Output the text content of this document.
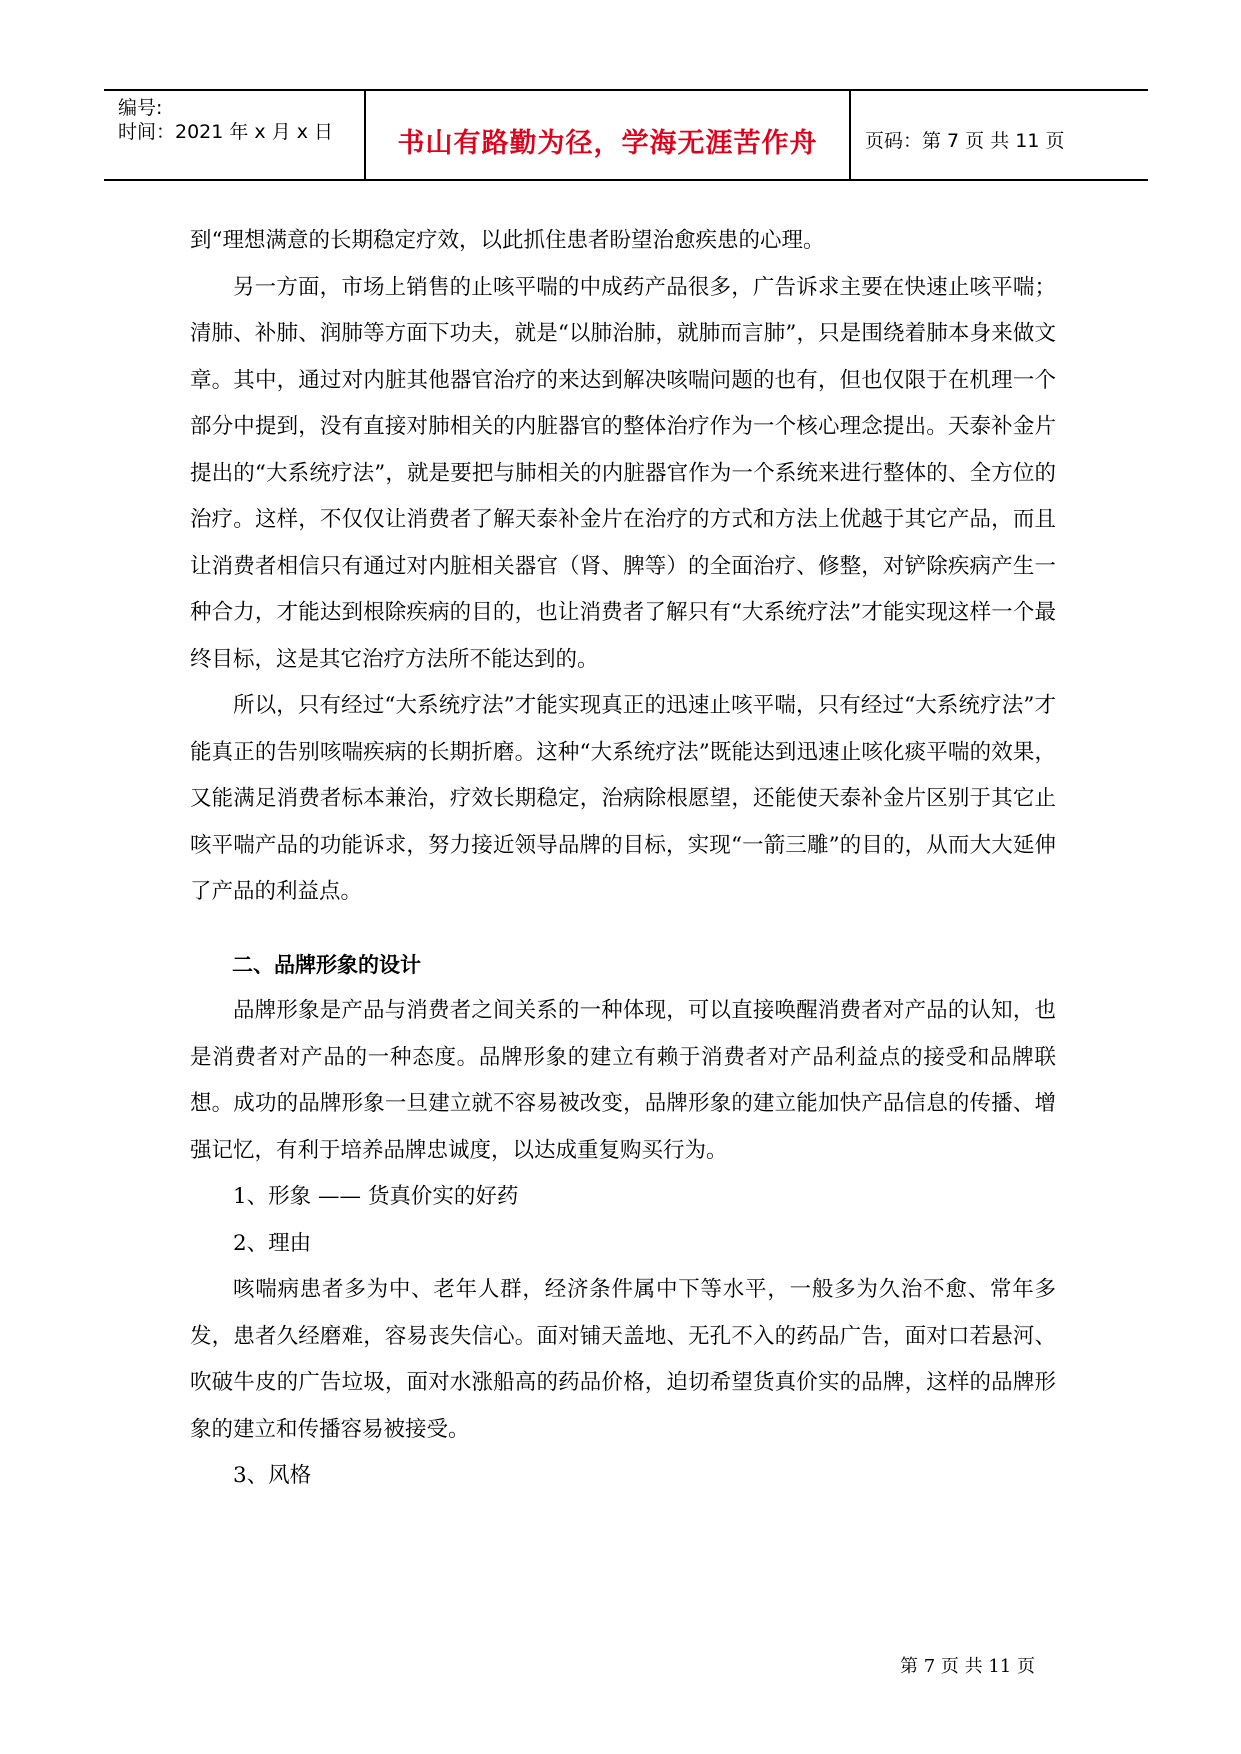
编号:
时间：2021 年 x 月 x 日	书山有路勤为径，学海无涯苦作舟	页码：第 7 页 共 11 页

到“理想满意的长期稳定疗效，以此抓住患者盼望治愈疾患的心理。

另一方面，市场上销售的止咳平喘的中成药产品很多，广告诉求主要在快速止咳平喘；清肺、补肺、润肺等方面下功夫，就是“以肺治肺，就肺而言肺”，只是围绕着肺本身来做文章。其中，通过对内脏其他器官治疗的来达到解决咳喘问题的也有，但也仅限于在机理一个部分中提到，没有直接对肺相关的内脏器官的整体治疗作为一个核心理念提出。天泰补金片提出的“大系统疗法”，就是要把与肺相关的内脏器官作为一个系统来进行整体的、全方位的治疗。这样，不仅仅让消费者了解天泰补金片在治疗的方式和方法上优越于其它产品，而且让消费者相信只有通过对内脏相关器官（肾、脾等）的全面治疗、修整，对铲除疾病产生一种合力，才能达到根除疾病的目的，也让消费者了解只有“大系统疗法”才能实现这样一个最终目标，这是其它治疗方法所不能达到的。

所以，只有经过“大系统疗法”才能实现真正的迅速止咳平喘，只有经过“大系统疗法”才能真正的告别咳喘疾病的长期折磨。这种“大系统疗法”既能达到迅速止咳化痰平喘的效果，又能满足消费者标本兼治，疗效长期稳定，治病除根愿望，还能使天泰补金片区别于其它止咳平喘产品的功能诉求，努力接近领导品牌的目标，实现“一箭三雕”的目的，从而大大延伸了产品的利益点。

二、品牌形象的设计

品牌形象是产品与消费者之间关系的一种体现，可以直接唤醒消费者对产品的认知，也是消费者对产品的一种态度。品牌形象的建立有赖于消费者对产品利益点的接受和品牌联想。成功的品牌形象一旦建立就不容易被改变，品牌形象的建立能加快产品信息的传播、增强记忆，有利于培养品牌忠诚度，以达成重复购买行为。

1、形象 —— 货真价实的好药

2、理由

咳喘病患者多为中、老年人群，经济条件属中下等水平，一般多为久治不愈、常年多发，患者久经磨难，容易丧失信心。面对铺天盖地、无孔不入的药品广告，面对口若悬河、吹破牛皮的广告垃圾，面对水涨船高的药品价格，迫切希望货真价实的品牌，这样的品牌形象的建立和传播容易被接受。

3、风格

第 7 页 共 11 页
